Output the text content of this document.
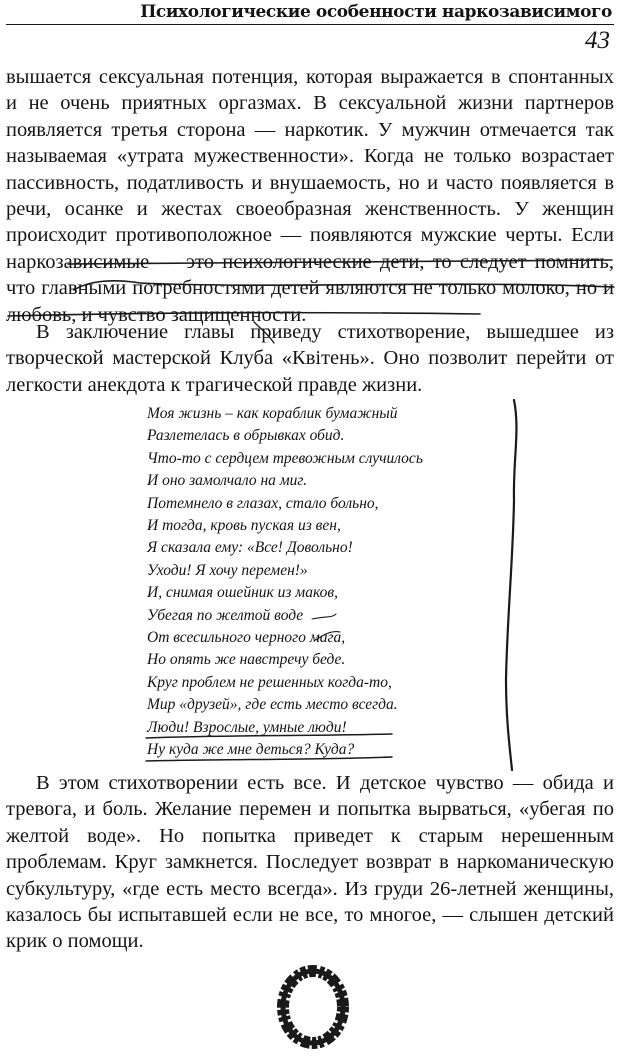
Психологические особенности наркозависимого
43

вышается сексуальная потенция, которая выражается в спонтанных и не очень приятных оргазмах. В сексуальной жизни партнеров появляется третья сторона — наркотик. У мужчин отмечается так называемая «утрата мужественности». Когда не только возрастает пассивность, податливость и внушаемость, но и часто появляется в речи, осанке и жестах своеобразная женственность. У женщин происходит противоположное — появляются мужские черты. Если наркозависимые — это психологические дети, то следует помнить, что главными потребностями детей являются не только молоко, но и любовь, и чувство защищенности.

В заключение главы приведу стихотворение, вышедшее из творческой мастерской Клуба «Квітень». Оно позволит перейти от легкости анекдота к трагической правде жизни.

Моя жизнь – как кораблик бумажный
Разлетелась в обрывках обид.
Что-то с сердцем тревожным случилось
И оно замолчало на миг.
Потемнело в глазах, стало больно,
И тогда, кровь пуская из вен,
Я сказала ему: «Все! Довольно!
Уходи! Я хочу перемен!»
И, снимая ошейник из маков,
Убегая по желтой воде
От всесильного черного мага,
Но опять же навстречу беде.
Круг проблем не решенных когда-то,
Мир «друзей», где есть место всегда.
Люди! Взрослые, умные люди!
Ну куда же мне деться? Куда?

В этом стихотворении есть все. И детское чувство — обида и тревога, и боль. Желание перемен и попытка вырваться, «убегая по желтой воде». Но попытка приведет к старым нерешенным проблемам. Круг замкнется. Последует возврат в наркоманическую субкультуру, «где есть место всегда». Из груди 26-летней женщины, казалось бы испытавшей если не все, то многое, — слышен детский крик о помощи.
